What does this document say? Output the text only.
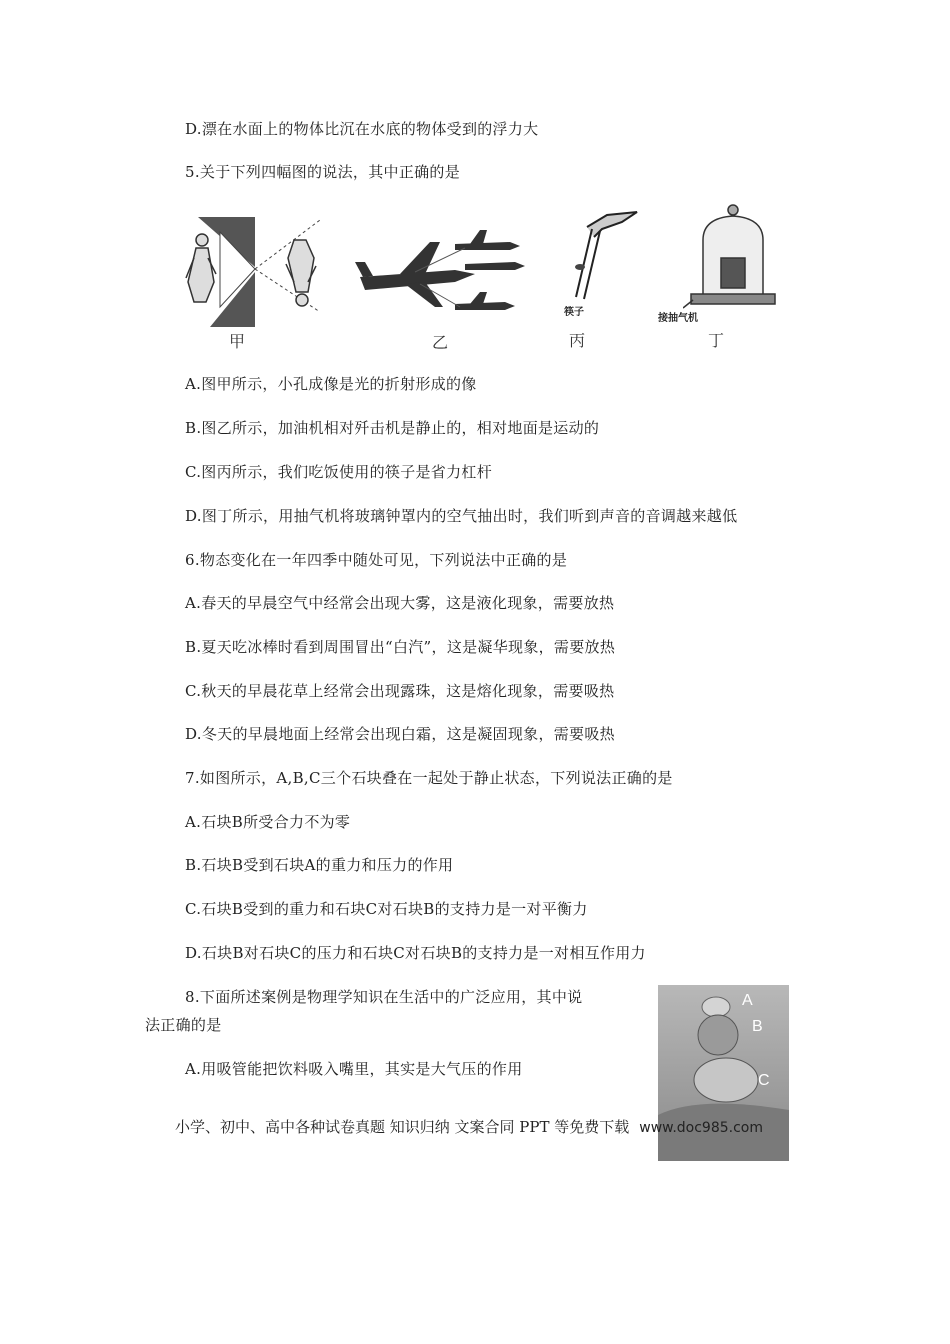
D.漂在水面上的物体比沉在水底的物体受到的浮力大
5.关于下列四幅图的说法，其中正确的是
甲	乙
筷子
丙
接抽气机
丁
A.图甲所示，小孔成像是光的折射形成的像
B.图乙所示，加油机相对歼击机是静止的，相对地面是运动的
C.图丙所示，我们吃饭使用的筷子是省力杠杆
D.图丁所示，用抽气机将玻璃钟罩内的空气抽出时，我们听到声音的音调越来越低
6.物态变化在一年四季中随处可见，下列说法中正确的是
A.春天的早晨空气中经常会出现大雾，这是液化现象，需要放热
B.夏天吃冰棒时看到周围冒出“白汽”，这是凝华现象，需要放热
C.秋天的早晨花草上经常会出现露珠，这是熔化现象，需要吸热
D.冬天的早晨地面上经常会出现白霜，这是凝固现象，需要吸热
7.如图所示，A,B,C三个石块叠在一起处于静止状态，下列说法正确的是
A.石块B所受合力不为零
B.石块B受到石块A的重力和压力的作用
C.石块B受到的重力和石块C对石块B的支持力是一对平衡力
D.石块B对石块C的压力和石块C对石块B的支持力是一对相互作用力
8.下面所述案例是物理学知识在生活中的广泛应用，其中说
法正确的是
A.用吸管能把饮料吸入嘴里，其实是大气压的作用
A
B
C
小学、初中、高中各种试卷真题 知识归纳 文案合同 PPT 等免费下载 www.doc985.com
